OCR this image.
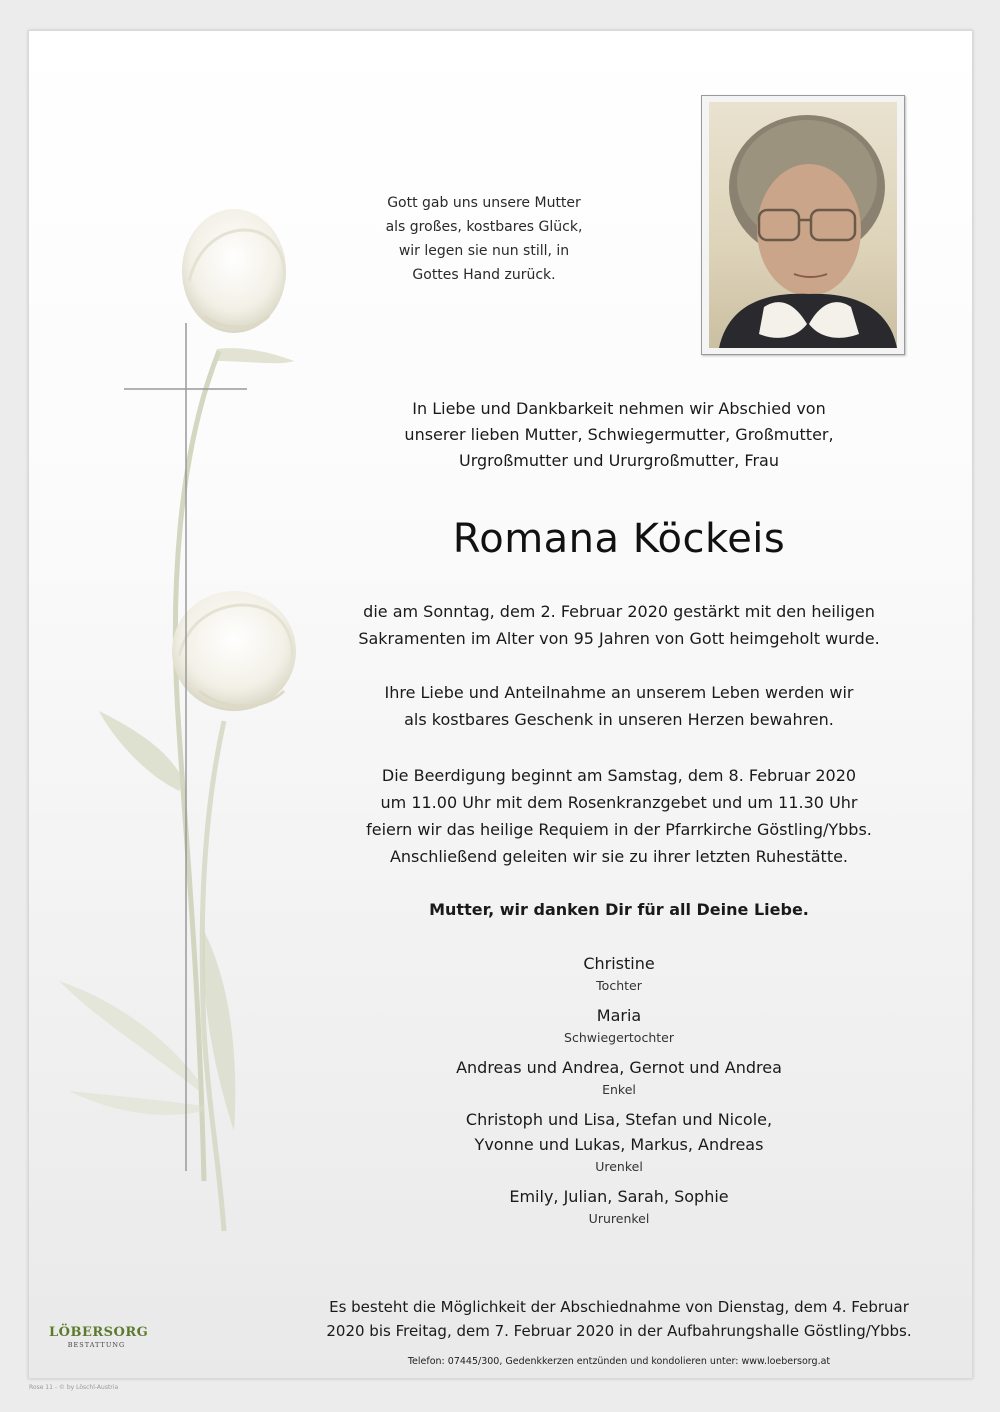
Gott gab uns unsere Mutter
als großes, kostbares Glück,
wir legen sie nun still, in
Gottes Hand zurück.
In Liebe und Dankbarkeit nehmen wir Abschied von
unserer lieben Mutter, Schwiegermutter, Großmutter,
Urgroßmutter und Ururgroßmutter, Frau
Romana Köckeis
die am Sonntag, dem 2. Februar 2020 gestärkt mit den heiligen
Sakramenten im Alter von 95 Jahren von Gott heimgeholt wurde.
Ihre Liebe und Anteilnahme an unserem Leben werden wir
als kostbares Geschenk in unseren Herzen bewahren.
Die Beerdigung beginnt am Samstag, dem 8. Februar 2020
um 11.00 Uhr mit dem Rosenkranzgebet und um 11.30 Uhr
feiern wir das heilige Requiem in der Pfarrkirche Göstling/Ybbs.
Anschließend geleiten wir sie zu ihrer letzten Ruhestätte.
Mutter, wir danken Dir für all Deine Liebe.
Christine
Tochter
Maria
Schwiegertochter
Andreas und Andrea, Gernot und Andrea
Enkel
Christoph und Lisa, Stefan und Nicole,
Yvonne und Lukas, Markus, Andreas
Urenkel
Emily, Julian, Sarah, Sophie
Ururenkel
Es besteht die Möglichkeit der Abschiednahme von Dienstag, dem 4. Februar
2020 bis Freitag, dem 7. Februar 2020 in der Aufbahrungshalle Göstling/Ybbs.
Telefon: 07445/300, Gedenkkerzen entzünden und kondolieren unter: www.loebersorg.at
LÖBERSORG
BESTATTUNG
Rose 11 - © by Löschl-Austria
